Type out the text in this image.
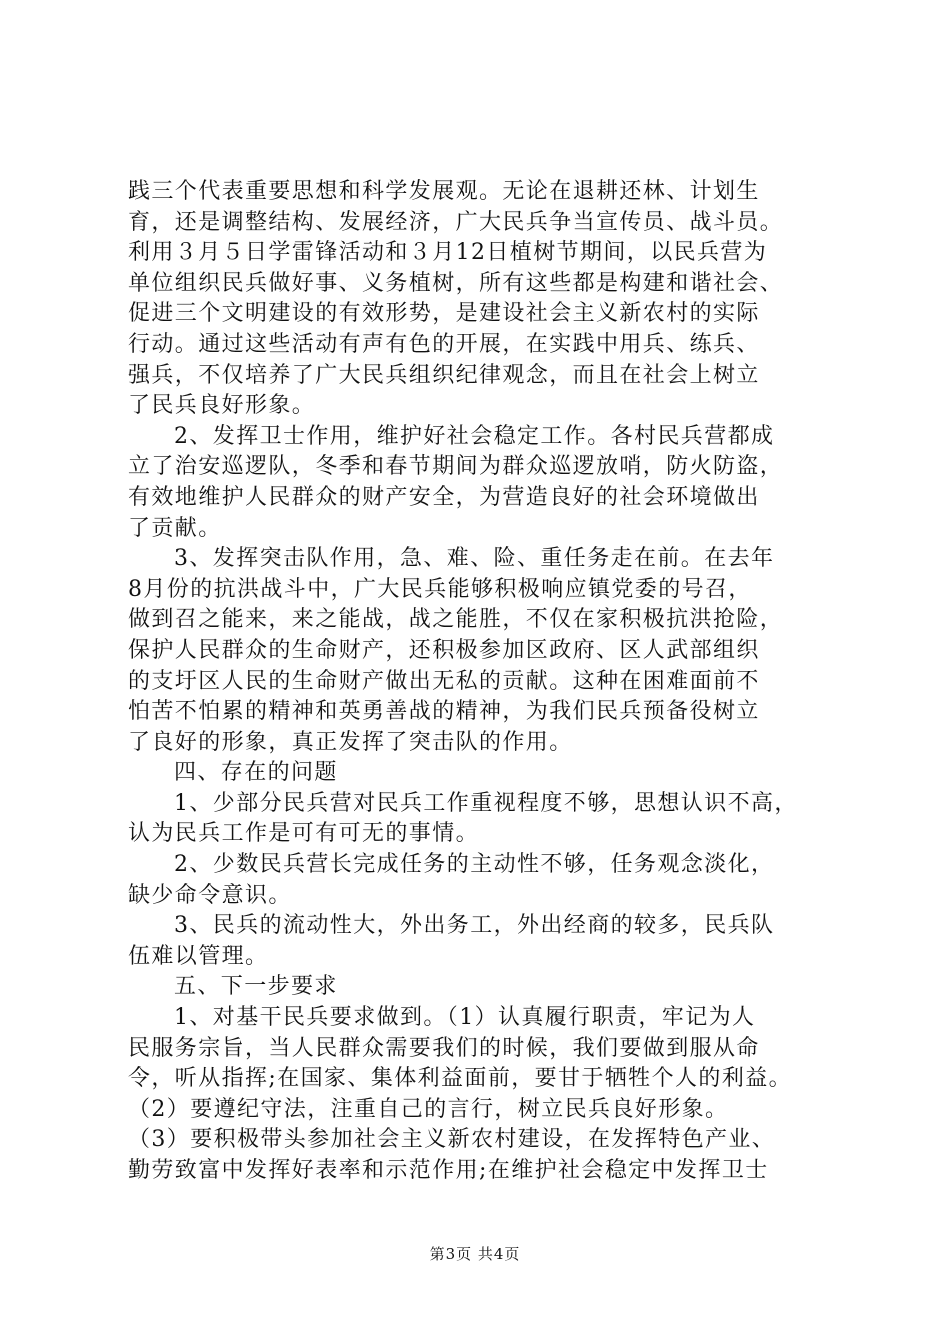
践三个代表重要思想和科学发展观。无论在退耕还林、计划生
育，还是调整结构、发展经济，广大民兵争当宣传员、战斗员。
利用３月５日学雷锋活动和３月12日植树节期间，以民兵营为
单位组织民兵做好事、义务植树，所有这些都是构建和谐社会、
促进三个文明建设的有效形势，是建设社会主义新农村的实际
行动。通过这些活动有声有色的开展，在实践中用兵、练兵、
强兵，不仅培养了广大民兵组织纪律观念，而且在社会上树立
了民兵良好形象。
2、发挥卫士作用，维护好社会稳定工作。各村民兵营都成
立了治安巡逻队，冬季和春节期间为群众巡逻放哨，防火防盗，
有效地维护人民群众的财产安全，为营造良好的社会环境做出
了贡献。
3、发挥突击队作用，急、难、险、重任务走在前。在去年
8月份的抗洪战斗中，广大民兵能够积极响应镇党委的号召，
做到召之能来，来之能战，战之能胜，不仅在家积极抗洪抢险，
保护人民群众的生命财产，还积极参加区政府、区人武部组织
的支圩区人民的生命财产做出无私的贡献。这种在困难面前不
怕苦不怕累的精神和英勇善战的精神，为我们民兵预备役树立
了良好的形象，真正发挥了突击队的作用。
四、存在的问题
1、少部分民兵营对民兵工作重视程度不够，思想认识不高，
认为民兵工作是可有可无的事情。
2、少数民兵营长完成任务的主动性不够，任务观念淡化，
缺少命令意识。
3、民兵的流动性大，外出务工，外出经商的较多，民兵队
伍难以管理。
五、下一步要求
1、对基干民兵要求做到。（1）认真履行职责，牢记为人
民服务宗旨，当人民群众需要我们的时候，我们要做到服从命
令，听从指挥;在国家、集体利益面前，要甘于牺牲个人的利益。
（2）要遵纪守法，注重自己的言行，树立民兵良好形象。
（3）要积极带头参加社会主义新农村建设，在发挥特色产业、
勤劳致富中发挥好表率和示范作用;在维护社会稳定中发挥卫士
第3页 共4页
